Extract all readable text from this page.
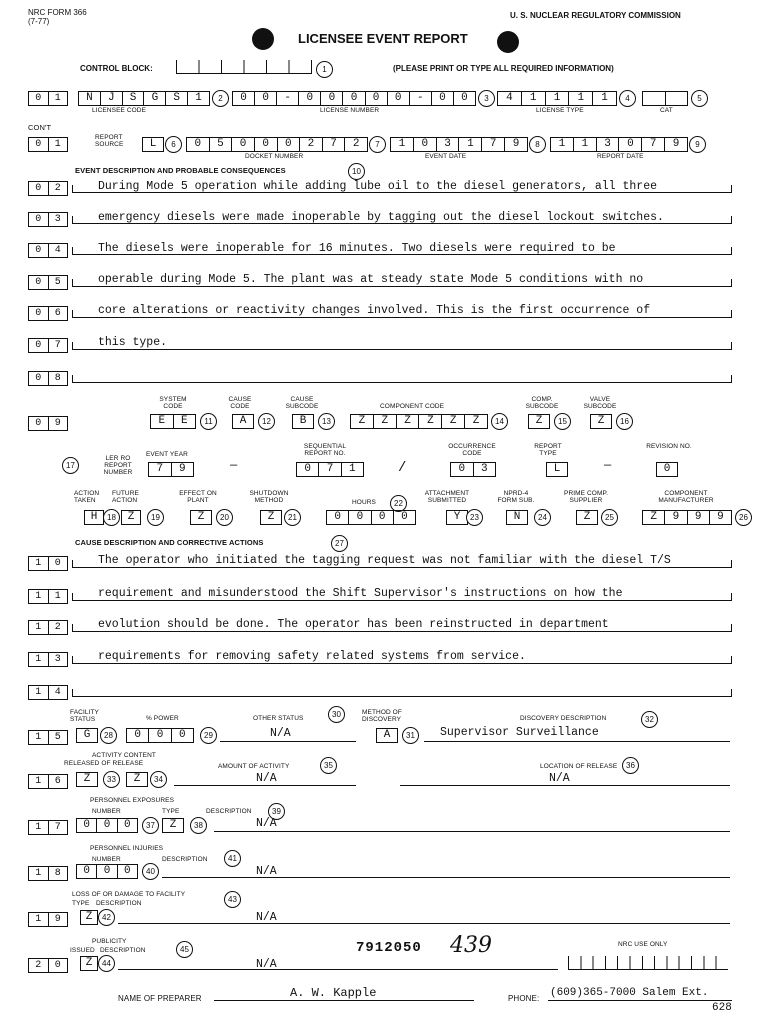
NRC FORM 366
(7-77)
U. S. NUCLEAR REGULATORY COMMISSION
LICENSEE EVENT REPORT
CONTROL BLOCK:	1	(PLEASE PRINT OR TYPE ALL REQUIRED INFORMATION)
0	1	N	J	S	G	S	1	2	0	0	-	0	0	0	0	0	-	0	0	3	4	1	1	1	1	4	5
LICENSEE CODE	LICENSE NUMBER	LICENSE TYPE	CAT
CON'T
0	1
REPORT SOURCE	L	6	0	5	0	0	0	2	7	2	7	1	0	3	1	7	9	8	1	1	3	0	7	9	9
DOCKET NUMBER	EVENT DATE	REPORT DATE
EVENT DESCRIPTION AND PROBABLE CONSEQUENCES	10
0	2	During Mode 5 operation while adding lube oil to the diesel generators, all three
0	3	emergency diesels were made inoperable by tagging out the diesel lockout switches.
0	4	The diesels were inoperable for 16 minutes. Two diesels were required to be
0	5	operable during Mode 5. The plant was at steady state Mode 5 conditions with no
0	6	core alterations or reactivity changes involved. This is the first occurrence of
0	7	this type.
0	8
SYSTEM CODE
CAUSE CODE
CAUSE SUBCODE	COMPONENT CODE
COMP. SUBCODE
VALVE SUBCODE
0	9	E	E	11	A	12	B	13	Z	Z	Z	Z	Z	Z	14	Z	15	Z	16
17
LER RO REPORT NUMBER
EVENT YEAR
7	9	—
SEQUENTIAL REPORT NO.
0	7	1	/
OCCURRENCE CODE
0	3
REPORT TYPE
L	—
REVISION NO.
0
ACTION TAKEN
FUTURE ACTION
EFFECT ON PLANT
SHUTDOWN METHOD	HOURS
ATTACHMENT SUBMITTED
NPRD-4 FORM SUB.
PRIME COMP. SUPPLIER
COMPONENT MANUFACTURER
H	18	Z	19	Z	20	Z	21
22
0	0	0	0	Y	23	N	24	Z	25	Z	9	9	9	26
CAUSE DESCRIPTION AND CORRECTIVE ACTIONS	27
1	0	The operator who initiated the tagging request was not familiar with the diesel T/S
1	1	requirement and misunderstood the Shift Supervisor's instructions on how the
1	2	evolution should be done. The operator has been reinstructed in department
1	3	requirements for removing safety related systems from service.
1	4
FACILITY STATUS	% POWER	OTHER STATUS	30	METHOD OF DISCOVERY	DISCOVERY DESCRIPTION	32
1	5	G	28	0	0	0	29	N/A	A	31	Supervisor Surveillance
ACTIVITY CONTENT
RELEASED OF RELEASE	AMOUNT OF ACTIVITY	35	LOCATION OF RELEASE	36
1	6	Z	33	Z	34	N/A	N/A
PERSONNEL EXPOSURES
NUMBER	TYPE	DESCRIPTION	39
1	7	0	0	0	37	Z	38	N/A
PERSONNEL INJURIES
NUMBER	DESCRIPTION	41
1	8	0	0	0	40	N/A
LOSS OF OR DAMAGE TO FACILITY
43
TYPE DESCRIPTION
1	9	Z	42	N/A
PUBLICITY
ISSUED DESCRIPTION	45	7912050 439	NRC USE ONLY
2	0	Z	44	N/A
NAME OF PREPARER	A. W. Kapple	PHONE: (609)365-7000 Salem Ext.
628
